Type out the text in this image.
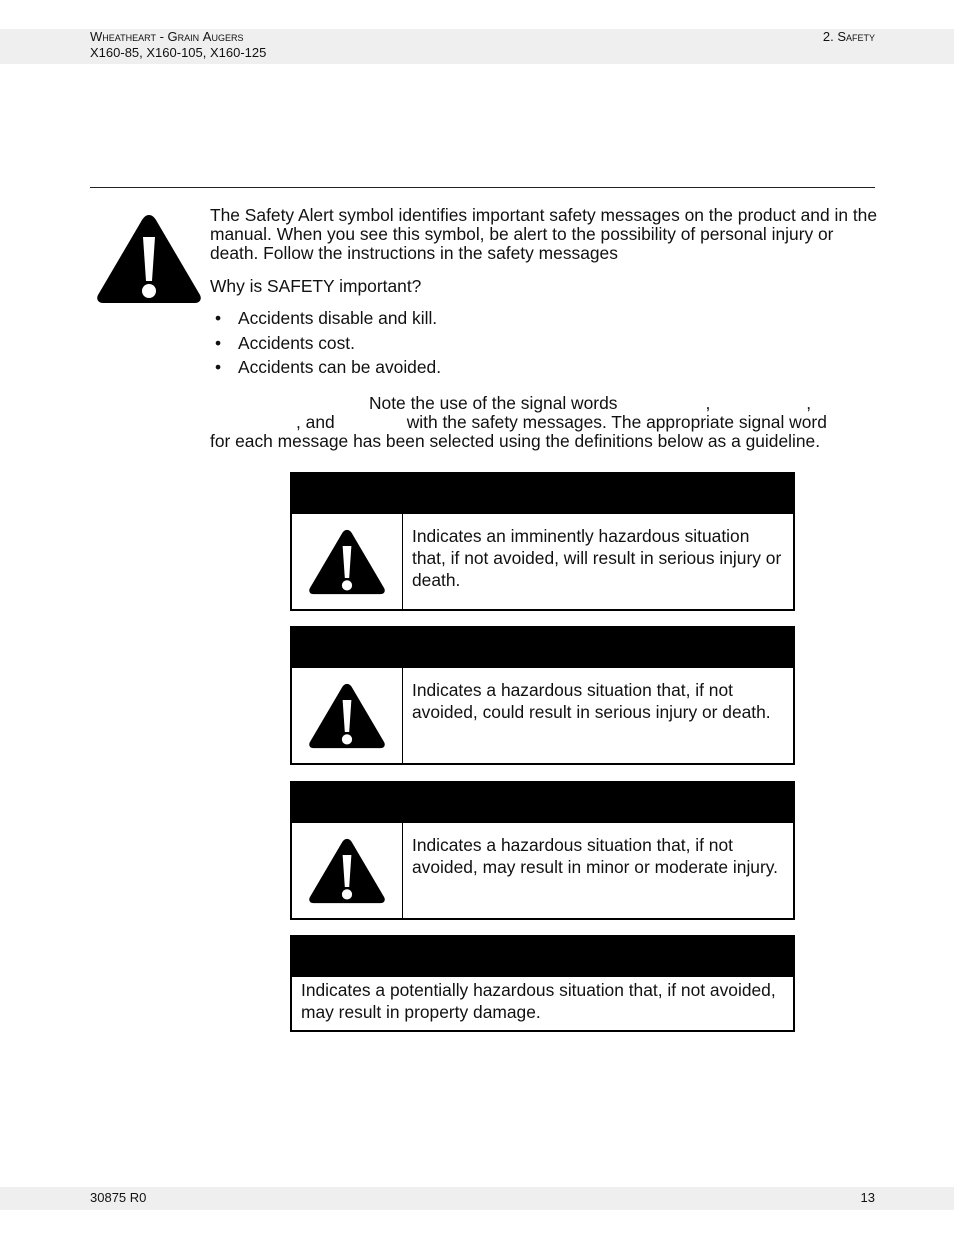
Wheatheart - Grain Augers
X160-85, X160-105, X160-125
2. Safety
The Safety Alert symbol identifies important safety messages on the product and in the manual. When you see this symbol, be alert to the possibility of personal injury or death. Follow the instructions in the safety messages
Why is SAFETY important?
• Accidents disable and kill.
• Accidents cost.
• Accidents can be avoided.
Note the use of the signal words	,	,
, and	with the safety messages. The appropriate signal word
for each message has been selected using the definitions below as a guideline.
Indicates an imminently hazardous situation that, if not avoided, will result in serious injury or death.
Indicates a hazardous situation that, if not avoided, could result in serious injury or death.
Indicates a hazardous situation that, if not avoided, may result in minor or moderate injury.
Indicates a potentially hazardous situation that, if not avoided, may result in property damage.
30875 R0	13
